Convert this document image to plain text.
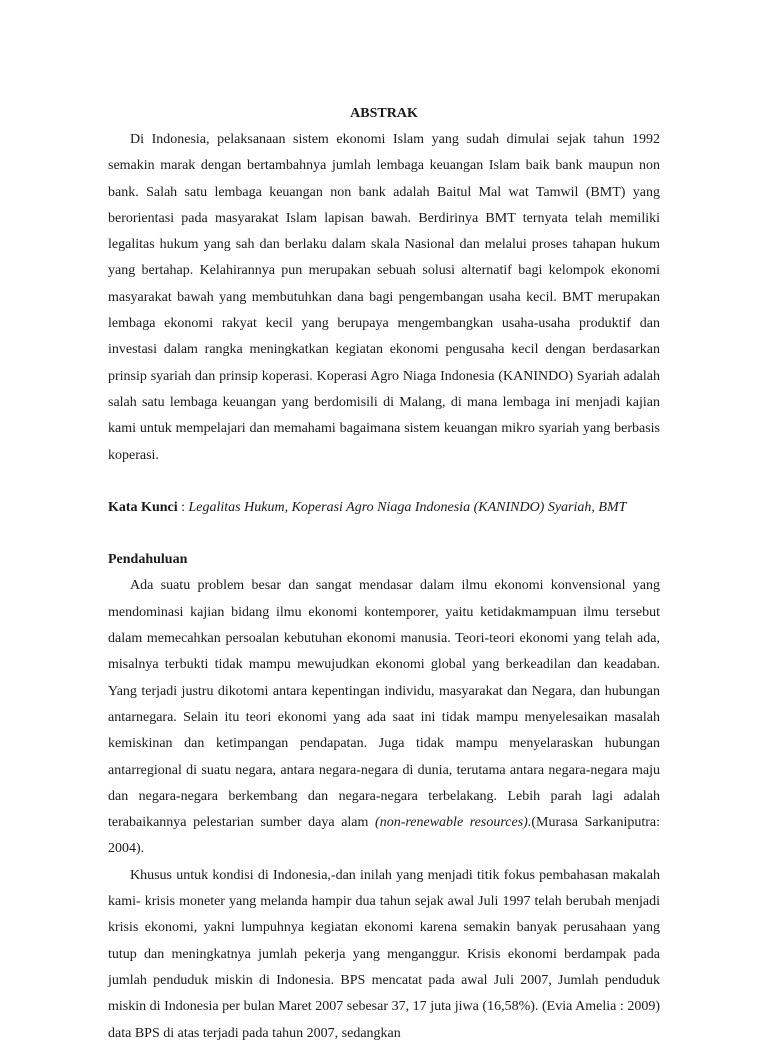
ABSTRAK

Di Indonesia, pelaksanaan sistem ekonomi Islam yang sudah dimulai sejak tahun 1992 semakin marak dengan bertambahnya jumlah lembaga keuangan Islam baik bank maupun non bank. Salah satu lembaga keuangan non bank adalah Baitul Mal wat Tamwil (BMT) yang berorientasi pada masyarakat Islam lapisan bawah. Berdirinya BMT ternyata telah memiliki legalitas hukum yang sah dan berlaku dalam skala Nasional dan melalui proses tahapan hukum yang bertahap. Kelahirannya pun merupakan sebuah solusi alternatif bagi kelompok ekonomi masyarakat bawah yang membutuhkan dana bagi pengembangan usaha kecil. BMT merupakan lembaga ekonomi rakyat kecil yang berupaya mengembangkan usaha-usaha produktif dan investasi dalam rangka meningkatkan kegiatan ekonomi pengusaha kecil dengan berdasarkan prinsip syariah dan prinsip koperasi. Koperasi Agro Niaga Indonesia (KANINDO) Syariah adalah salah satu lembaga keuangan yang berdomisili di Malang, di mana lembaga ini menjadi kajian kami untuk mempelajari dan memahami bagaimana sistem keuangan mikro syariah yang berbasis koperasi.

Kata Kunci : Legalitas Hukum, Koperasi Agro Niaga Indonesia (KANINDO) Syariah, BMT

Pendahuluan

Ada suatu problem besar dan sangat mendasar dalam ilmu ekonomi konvensional yang mendominasi kajian bidang ilmu ekonomi kontemporer, yaitu ketidakmampuan ilmu tersebut dalam memecahkan persoalan kebutuhan ekonomi manusia. Teori-teori ekonomi yang telah ada, misalnya terbukti tidak mampu mewujudkan ekonomi global yang berkeadilan dan keadaban. Yang terjadi justru dikotomi antara kepentingan individu, masyarakat dan Negara, dan hubungan antarnegara. Selain itu teori ekonomi yang ada saat ini tidak mampu menyelesaikan masalah kemiskinan dan ketimpangan pendapatan. Juga tidak mampu menyelaraskan hubungan antarregional di suatu negara, antara negara-negara di dunia, terutama antara negara-negara maju dan negara-negara berkembang dan negara-negara terbelakang. Lebih parah lagi adalah terabaikannya pelestarian sumber daya alam (non-renewable resources).(Murasa Sarkaniputra: 2004).

Khusus untuk kondisi di Indonesia,-dan inilah yang menjadi titik fokus pembahasan makalah kami- krisis moneter yang melanda hampir dua tahun sejak awal Juli 1997 telah berubah menjadi krisis ekonomi, yakni lumpuhnya kegiatan ekonomi karena semakin banyak perusahaan yang tutup dan meningkatnya jumlah pekerja yang menganggur. Krisis ekonomi berdampak pada jumlah penduduk miskin di Indonesia. BPS mencatat pada awal Juli 2007, Jumlah penduduk miskin di Indonesia per bulan Maret 2007 sebesar 37, 17 juta jiwa (16,58%). (Evia Amelia : 2009) data BPS di atas terjadi pada tahun 2007, sedangkan
